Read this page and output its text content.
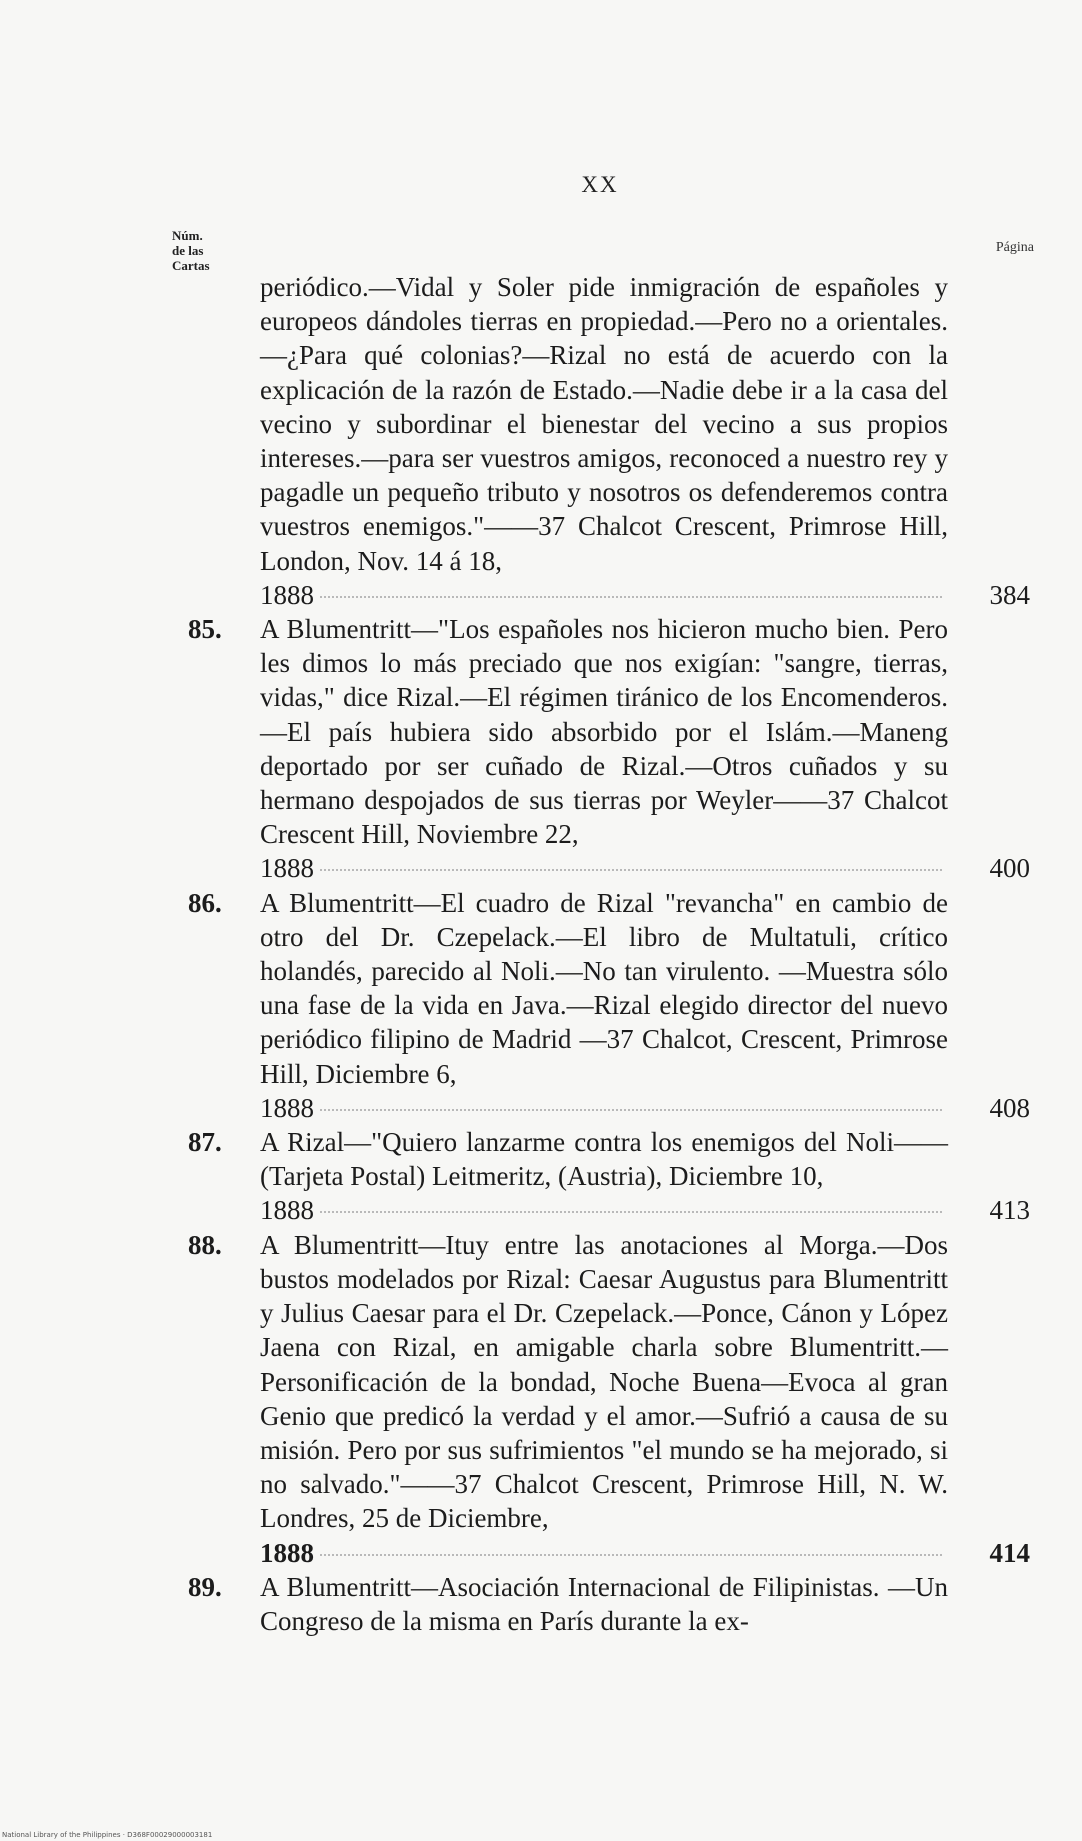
XX
Núm.
de las
Cartas
Página

periódico.—Vidal y Soler pide inmigración de españoles y europeos dándoles tierras en propiedad.—Pero no a orientales.—¿Para qué colonias?—Rizal no está de acuerdo con la explicación de la razón de Estado.—Nadie debe ir a la casa del vecino y subordinar el bienestar del vecino a sus propios intereses.—para ser vuestros amigos, reconoced a nuestro rey y pagadle un pequeño tributo y nosotros os defenderemos contra vuestros enemigos."——37 Chalcot Crescent, Primrose Hill, London, Nov. 14 á 18,

1888	384
85. A Blumentritt—"Los españoles nos hicieron mucho bien. Pero les dimos lo más preciado que nos exigían: "sangre, tierras, vidas," dice Rizal.—El régimen tiránico de los Encomenderos.—El país hubiera sido absorbido por el Islám.—Maneng deportado por ser cuñado de Rizal.—Otros cuñados y su hermano despojados de sus tierras por Weyler——37 Chalcot Crescent Hill, Noviembre 22,

1888	400
86. A Blumentritt—El cuadro de Rizal "revancha" en cambio de otro del Dr. Czepelack.—El libro de Multatuli, crítico holandés, parecido al Noli.—No tan virulento. —Muestra sólo una fase de la vida en Java.—Rizal elegido director del nuevo periódico filipino de Madrid —37 Chalcot, Crescent, Primrose Hill, Diciembre 6,

1888	408
87. A Rizal—"Quiero lanzarme contra los enemigos del Noli——(Tarjeta Postal) Leitmeritz, (Austria), Diciembre 10,

1888	413
88. A Blumentritt—Ituy entre las anotaciones al Morga.—Dos bustos modelados por Rizal: Caesar Augustus para Blumentritt y Julius Caesar para el Dr. Czepelack.—Ponce, Cánon y López Jaena con Rizal, en amigable charla sobre Blumentritt.—Personificación de la bondad, Noche Buena—Evoca al gran Genio que predicó la verdad y el amor.—Sufrió a causa de su misión. Pero por sus sufrimientos "el mundo se ha mejorado, si no salvado."——37 Chalcot Crescent, Primrose Hill, N. W. Londres, 25 de Diciembre,

1888	414
89. A Blumentritt—Asociación Internacional de Filipinistas. —Un Congreso de la misma en París durante la ex-

National Library of the Philippines · D368F00029000003181
